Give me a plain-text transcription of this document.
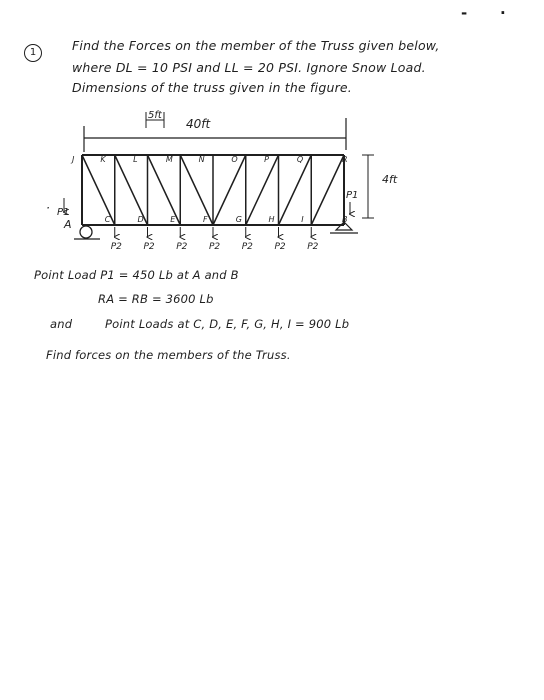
- ·
1	Find the Forces on the member of the Truss given below,
where DL = 10 PSI and LL = 20 PSI. Ignore Snow Load.
Dimensions of the truss given in the figure.
5ft
40ft
4ft
A
P1
·
P1
J	K	L	M	N	O	P	Q	R
C	D	E	F	G	H	I	B
P2 P2 P2 P2 P2 P2 P2
Point Load P1 = 450 Lb at A and B
RA = RB = 3600 Lb
and	Point Loads at C, D, E, F, G, H, I = 900 Lb
Find forces on the members of the Truss.
